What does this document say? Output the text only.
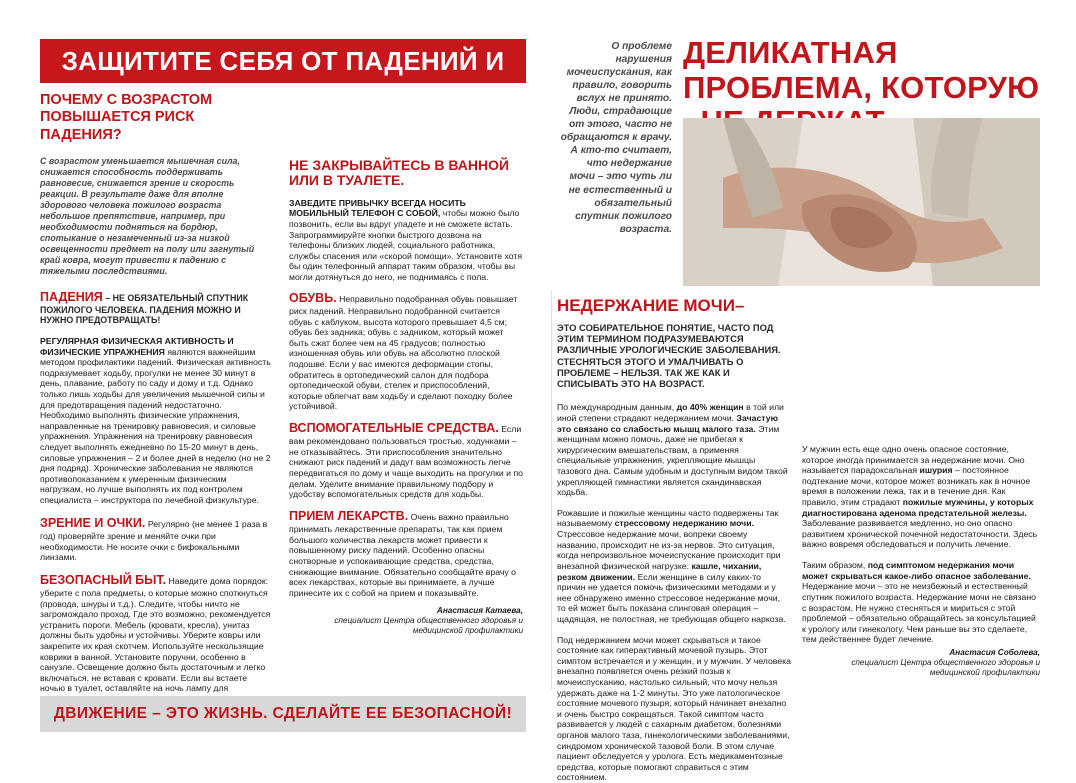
ЗАЩИТИТЕ СЕБЯ ОТ ПАДЕНИЙ И ПЕРЕЛОМОВ

ПОЧЕМУ С ВОЗРАСТОМ ПОВЫШАЕТСЯ РИСК ПАДЕНИЯ?

С возрастом уменьшается мышечная сила, снижается способность поддерживать равновесие, снижается зрение и скорость реакции. В результате даже для вполне здорового человека пожилого возраста небольшое препятствие, например, при необходимости подняться на бордюр, спотыкание о незамеченный из-за низкой освещенности предмет на полу или загнутый край ковра, могут привести к падению с тяжелыми последствиями.

ПАДЕНИЯ – НЕ ОБЯЗАТЕЛЬНЫЙ СПУТНИК ПОЖИЛОГО ЧЕЛОВЕКА. ПАДЕНИЯ МОЖНО И НУЖНО ПРЕДОТВРАЩАТЬ!

РЕГУЛЯРНАЯ ФИЗИЧЕСКАЯ АКТИВНОСТЬ И ФИЗИЧЕСКИЕ УПРАЖНЕНИЯ являются важнейшим методом профилактики падений. Физическая активность подразумевает ходьбу, прогулки не менее 30 минут в день, плавание, работу по саду и дому и т.д. Однако только лишь ходьбы для увеличения мышечной силы и для предотвращения падений недостаточно. Необходимо выполнять физические упражнения, направленные на тренировку равновесия, и силовые упражнения. Упражнения на тренировку равновесия следует выполнять ежедневно по 15-20 минут в день, силовые упражнения – 2 и более дней в неделю (но не 2 дня подряд). Хронические заболевания не являются противопоказанием к умеренным физическим нагрузкам, но лучше выполнять их под контролем специалиста – инструктора по лечебной физкультуре.

ЗРЕНИЕ И ОЧКИ. Регулярно (не менее 1 раза в год) проверяйте зрение и меняйте очки при необходимости. Не носите очки с бифокальными линзами.

БЕЗОПАСНЫЙ БЫТ. Наведите дома порядок: уберите с пола предметы, о которые можно споткнуться (провода, шнуры и т.д.). Следите, чтобы ничто не загромождало проход. Где это возможно, рекомендуется устранить пороги. Мебель (кровати, кресла), унитаз должны быть удобны и устойчивы. Уберите ковры или закрепите их края скотчем. Используйте нескользящие коврики в ванной. Установите поручни, особенно в санузле. Освещение должно быть достаточным и легко включаться, не вставая с кровати. Если вы встаете ночью в туалет, оставляйте на ночь лампу для

НЕ ЗАКРЫВАЙТЕСЬ В ВАННОЙ ИЛИ В ТУАЛЕТЕ.

ЗАВЕДИТЕ ПРИВЫЧКУ ВСЕГДА НОСИТЬ МОБИЛЬНЫЙ ТЕЛЕФОН С СОБОЙ, чтобы можно было позвонить, если вы вдруг упадете и не сможете встать. Запрограммируйте кнопки быстрого дозвона на телефоны близких людей, социального работника, службы спасения или «скорой помощи». Установите хотя бы один телефонный аппарат таким образом, чтобы вы могли дотянуться до него, не поднимаясь с пола.

ОБУВЬ. Неправильно подобранная обувь повышает риск падений. Неправильно подобранной считается обувь с каблуком, высота которого превышает 4,5 см; обувь без задника; обувь с задником, который может быть сжат более чем на 45 градусов; полностью изношенная обувь или обувь на абсолютно плоской подошве. Если у вас имеются деформации стопы, обратитесь в ортопедический салон для подбора ортопедической обуви, стелек и приспособлений, которые облегчат вам ходьбу и сделают походку более устойчивой.

ВСПОМОГАТЕЛЬНЫЕ СРЕДСТВА. Если вам рекомендовано пользоваться тростью, ходунками – не отказывайтесь. Эти приспособления значительно снижают риск падений и дадут вам возможность легче передвигаться по дому и чаще выходить на прогулки и по делам. Уделите внимание правильному подбору и удобству вспомогательных средств для ходьбы.

ПРИЕМ ЛЕКАРСТВ. Очень важно правильно принимать лекарственные препараты, так как прием большого количества лекарств может привести к повышенному риску падений. Особенно опасны снотворные и успокаивающие средства, средства, снижающие внимание. Обязательно сообщайте врачу о всех лекарствах, которые вы принимаете, а лучше принесите их с собой на прием и показывайте.

Анастасия Катаева,

специалист Центра общественного здоровья и медицинской профилактики

ДВИЖЕНИЕ – ЭТО ЖИЗНЬ. СДЕЛАЙТЕ ЕЕ БЕЗОПАСНОЙ!

О проблеме нарушения мочеиспускания, как правило, говорить вслух не принято. Люди, страдающие от этого, часто не обращаются к врачу. А кто-то считает, что недержание мочи – это чуть ли не естественный и обязательный спутник пожилого возраста.

ДЕЛИКАТНАЯ ПРОБЛЕМА, КОТОРУЮ

НЕДЕРЖАНИЕ МОЧИ–

ЭТО СОБИРАТЕЛЬНОЕ ПОНЯТИЕ, ЧАСТО ПОД ЭТИМ ТЕРМИНОМ ПОДРАЗУМЕВАЮТСЯ РАЗЛИЧНЫЕ УРОЛОГИЧЕСКИЕ ЗАБОЛЕВАНИЯ. СТЕСНЯТЬСЯ ЭТОГО И УМАЛЧИВАТЬ О ПРОБЛЕМЕ – НЕЛЬЗЯ. ТАК ЖЕ КАК И СПИСЫВАТЬ ЭТО НА ВОЗРАСТ.

По международным данным, до 40% женщин в той или иной степени страдают недержанием мочи. Зачастую это связано со слабостью мышц малого таза. Этим женщинам можно помочь, даже не прибегая к хирургическим вмешательствам, а применяя специальные упражнения, укрепляющие мышцы тазового дна. Самым удобным и доступным видом такой укрепляющей гимнастики является скандинавская ходьба.

Рожавшие и пожилые женщины часто подвержены так называемому стрессовому недержанию мочи. Стрессовое недержание мочи, вопреки своему названию, происходит не из-за нервов. Это ситуация, когда непроизвольное мочеиспускание происходит при внезапной физической нагрузке: кашле, чихании, резком движении. Если женщине в силу каких-то причин не удается помочь физическими методами и у нее обнаружено именно стрессовое недержание мочи, то ей может быть показана слинговая операция – щадящая, не полостная, не требующая общего наркоза.

Под недержанием мочи может скрываться и такое состояние как гиперактивный мочевой пузырь. Этот симптом встречается и у женщин, и у мужчин. У человека внезапно появляется очень резкий позыв к мочеиспусканию, настолько сильный, что мочу нельзя удержать даже на 1-2 минуты. Это уже патологическое состояние мочевого пузыря, который начинает внезапно и очень быстро сокращаться. Такой симптом часто развивается у людей с сахарным диабетом, болезнями органов малого таза, гинекологическими заболеваниями, синдромом хронической тазовой боли. В этом случае пациент обследуется у уролога. Есть медикаментозные средства, которые помогают справиться с этим состоянием.

У мужчин есть еще одно очень опасное состояние, которое иногда принимается за недержание мочи. Оно называется парадоксальная ишурия – постоянное подтекание мочи, которое может возникать как в ночное время в положении лежа, так и в течение дня. Как правило, этим страдают пожилые мужчины, у которых диагностирована аденома предстательной железы. Заболевание развивается медленно, но оно опасно развитием хронической почечной недостаточности. Здесь важно вовремя обследоваться и получить лечение.

Таким образом, под симптомом недержания мочи может скрываться какое-либо опасное заболевание. Недержание мочи – это не неизбежный и естественный спутник пожилого возраста. Недержание мочи не связано с возрастом. Не нужно стесняться и мириться с этой проблемой – обязательно обращайтесь за консультацией к урологу или гинекологу. Чем раньше вы это сделаете, тем действеннее будет лечение.

Анастасия Соболева,

специалист Центра общественного здоровья и медицинской профилактики
